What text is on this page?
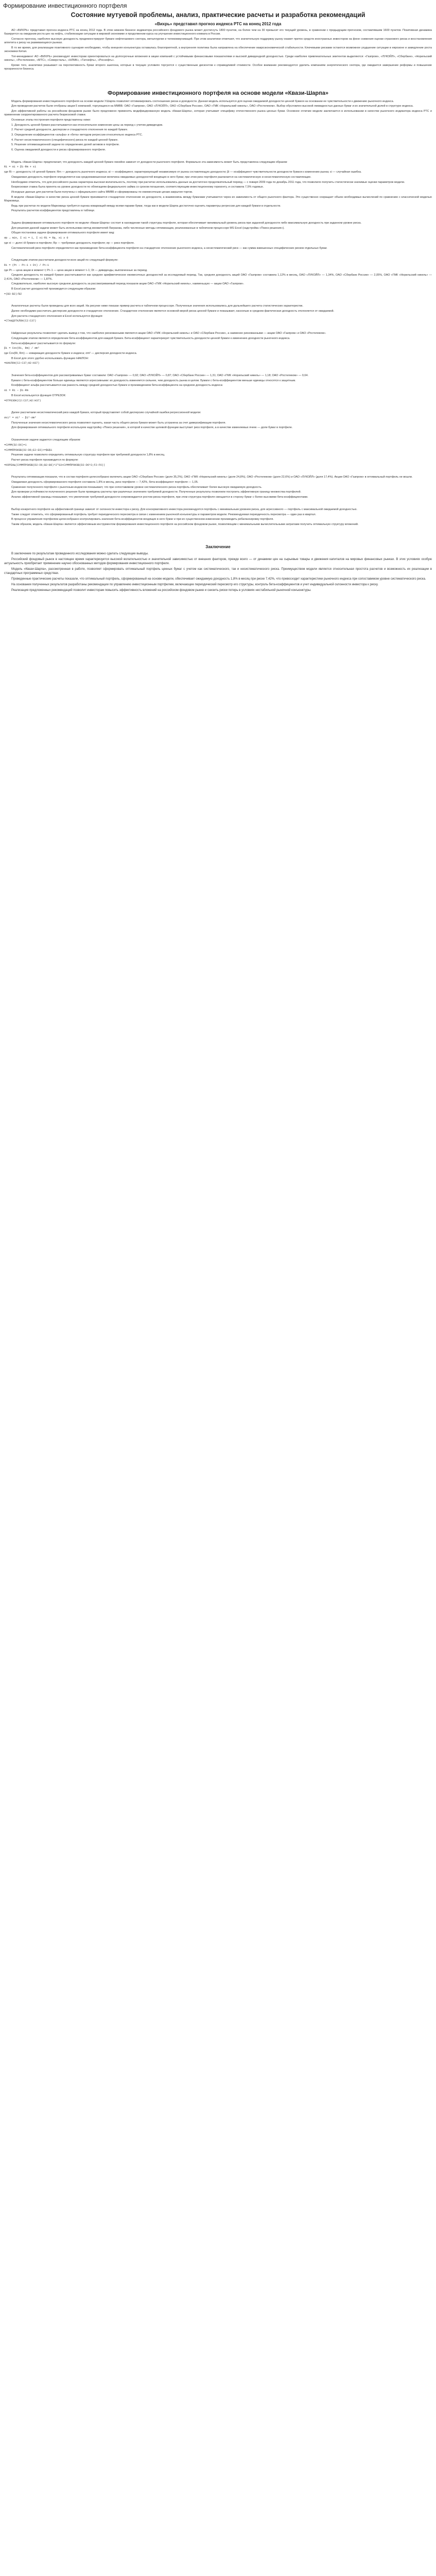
Формирование инвестиционного портфеля
Состояние мутуевой проблемы, анализ, практические расчеты и разработка рекомендаций
«Вихрь» представил прогноз индекса РТС на конец 2012 года
АО «ВИХРЬ» представил прогноз индекса РТС на конец 2012 года. В этом нижнем бизнесе индикатора российского фондового рынка может достигнуть 1800 пунктов, на более чем на 30 превысит его текущий уровень, в сравнении с предыдущим прогнозом, составлявшим 1600 пунктов. Позитивная динамика базируется на ожидании роста цен на нефть, стабилизации ситуации в мировой экономике и продолжении курса на улучшение инвестиционного климата в России.
Согласно прогнозу, наиболее высокую доходность продемонстрируют бумаги нефтегазового сектора, металлургии и телекоммуникаций. При этом аналитики отмечают, что значительную поддержку рынку окажет приток средств иностранных инвесторов на фоне снижения оценки странового риска и восстановления аппетита к риску на развивающихся рынках.
В то же время, для реализации позитивного сценария необходимо, чтобы внешняя конъюнктура оставалась благоприятной, а внутренняя политика была направлена на обеспечение макроэкономической стабильности. Ключевыми рисками остаются возможное ухудшение ситуации в еврозоне и замедление роста экономики Китая.
Топ-менеджмент АО «ВИХРЬ» рекомендует инвесторам ориентироваться на долгосрочные вложения в акции компаний с устойчивыми финансовыми показателями и высокой дивидендной доходностью. Среди наиболее привлекательных эмитентов выделяются: «Газпром», «ЛУКОЙЛ», «Сбербанк», «Норильский никель», «Ростелеком», «МТС», «Северсталь», «НЛМК», «Татнефть», «Роснефть».
Кроме того, аналитики указывают на перспективность бумаг второго эшелона, которые в текущих условиях торгуются с существенным дисконтом к справедливой стоимости. Особое внимание рекомендуется уделить компаниям энергетического сектора, где ожидается завершение реформы и повышение прозрачности бизнеса.
Формирование инвестиционного портфеля на основе модели «Квази-Шарпа»
Модель формирования инвестиционного портфеля на основе модели У.Шарпа позволяет оптимизировать соотношение риска и доходности. Данная модель используется для оценки ожидаемой доходности ценной бумаги на основании ее чувствительности к движению рыночного индекса.
Для проведения расчетов были отобраны акции 5 компаний, торгующихся на ММВБ: ОАО «Газпром», ОАО «ЛУКОЙЛ», ОАО «Сбербанк России», ОАО «ГМК «Норильский никель», ОАО «Ростелеком». Выбор обусловлен высокой ликвидностью данных бумаг и их значительной долей в структуре индекса.
Для эффективной работы на российском фондовом рынке было предложено применять модифицированную модель «Квази-Шарпа», которая учитывает специфику отечественного рынка ценных бумаг. Основное отличие модели заключается в использовании в качестве рыночного индикатора индекса РТС и применении скорректированного расчета безрисковой ставки.
Основные этапы построения портфеля представлены ниже:
1. Доходность ценной бумаги рассчитывается как относительное изменение цены за период с учетом дивидендов.
2. Расчет средней доходности, дисперсии и стандартного отклонения по каждой бумаге.
3. Определение коэффициентов «альфа» и «бета» методом регрессии относительно индекса РТС.
4. Расчет несистематического (специфического) риска по каждой ценной бумаге.
5. Решение оптимизационной задачи по определению долей активов в портфеле.
6. Оценка ожидаемой доходности и риска сформированного портфеля.
Модель «Квази-Шарпа» предполагает, что доходность каждой ценной бумаги линейно зависит от доходности рыночного портфеля. Формально эта зависимость может быть представлена следующим образом:
Ri = αi + βi·Rm + εi
где Ri — доходность i-й ценной бумаги; Rm — доходность рыночного индекса; αi — коэффициент, характеризующий независимую от рынка составляющую доходности; βi — коэффициент чувствительности доходности бумаги к изменению рынка; εi — случайная ошибка.
Ожидаемая доходность портфеля определяется как средневзвешенная величина ожидаемых доходностей входящих в него бумаг, при этом риск портфеля разлагается на систематическую и несистематическую составляющие.
Необходимо отметить, что для российского рынка характерна высокая волатильность, поэтому при расчетах использовались данные за достаточно продолжительный период — с января 2009 года по декабрь 2011 года, что позволило получить статистически значимые оценки параметров модели.
Безрисковая ставка была принята на уровне доходности по облигациям федерального займа со сроком погашения, соответствующим инвестиционному горизонту, и составила 7,5% годовых.
Исходные данные для расчетов были получены с официального сайта ММВБ и сформированы по ежемесячным ценам закрытия торгов.
В модели «Квази-Шарпа» в качестве риска ценной бумаги принимается стандартное отклонение ее доходности, а взаимосвязь между бумагами учитывается через их зависимость от общего рыночного фактора. Это существенно сокращает объем необходимых вычислений по сравнению с классической моделью Марковица.
Ведь при расчетах по модели Марковица требуется оценка ковариаций между всеми парами бумаг, тогда как в модели Шарпа достаточно оценить параметры регрессии для каждой бумаги в отдельности.
Результаты расчетов коэффициентов представлены в таблице.
Задача формирования оптимального портфеля по модели «Квази-Шарпа» состоит в нахождении такой структуры портфеля, которая обеспечивает минимальный уровень риска при заданной доходности либо максимальную доходность при заданном уровне риска.
Для решения данной задачи может быть использован метод множителей Лагранжа, либо численные методы оптимизации, реализованные в табличном процессоре MS Excel (надстройка «Поиск решения»).
Общая постановка задачи формирования оптимального портфеля имеет вид:
σp → min, Σ xi = 1, Σ xi·Ri = Rp, xi ≥ 0
где xi — доля i-й бумаги в портфеле; Rp — требуемая доходность портфеля; σp — риск портфеля.
Систематический риск портфеля определяется как произведение бета-коэффициента портфеля на стандартное отклонение рыночного индекса, а несистематический риск — как сумма взвешенных специфических рисков отдельных бумаг.
Следующим этапом рассчитаем доходности всех акций по следующей формуле:
Ri = (Pt − Pt−1 + Dt) / Pt−1
где Pt — цена акции в момент t; Pt−1 — цена акции в момент t−1; Dt — дивиденды, выплаченные за период.
Средняя доходность по каждой бумаге рассчитывается как среднее арифметическое ежемесячных доходностей за исследуемый период. Так, средняя доходность акций ОАО «Газпром» составила 1,12% в месяц, ОАО «ЛУКОЙЛ» — 1,34%, ОАО «Сбербанк России» — 2,05%, ОАО «ГМК «Норильский никель» — 2,41%, ОАО «Ростелеком» — 1,87%.
Следовательно, наиболее высокую среднюю доходность за рассматриваемый период показали акции ОАО «ГМК «Норильский никель», наименьшую — акции ОАО «Газпром».
В Excel расчет доходностей производится следующим образом:
=(B3-B2)/B2
Аналогичные расчеты были проведены для всех акций. На рисунке ниже показан пример расчета в табличном процессоре. Полученные значения использовались для дальнейшего расчета статистических характеристик.
Далее необходимо рассчитать дисперсию доходности и стандартное отклонение. Стандартное отклонение является основной мерой риска ценной бумаги и показывает, насколько в среднем фактическая доходность отклоняется от ожидаемой.
Для расчета стандартного отклонения в Excel используется функция:
=СТАНДОТКЛОН(C2:C37)
Найденные результаты позволяют сделать вывод о том, что наиболее рискованными являются акции ОАО «ГМК «Норильский никель» и ОАО «Сбербанк России», а наименее рискованными — акции ОАО «Газпром» и ОАО «Ростелеком».
Следующим этапом является определение бета-коэффициентов для каждой бумаги. Бета-коэффициент характеризует чувствительность доходности ценной бумаги к изменению доходности рыночного индекса.
Бета-коэффициент рассчитывается по формуле:
βi = Cov(Ri, Rm) / σm²
где Cov(Ri, Rm) — ковариация доходности бумаги и индекса; σm² — дисперсия доходности индекса.
В Excel для этого удобно использовать функцию НАКЛОН:
=НАКЛОН(C2:C37;H2:H37)
Значения бета-коэффициентов для рассматриваемых бумаг составили: ОАО «Газпром» — 0,92; ОАО «ЛУКОЙЛ» — 0,87; ОАО «Сбербанк России» — 1,31; ОАО «ГМК «Норильский никель» — 1,18; ОАО «Ростелеком» — 0,64.
Бумаги с бета-коэффициентом больше единицы являются агрессивными: их доходность изменяется сильнее, чем доходность рынка в целом. Бумаги с бета-коэффициентом меньше единицы относятся к защитным.
Коэффициент альфа рассчитывается как разность между средней доходностью бумаги и произведением бета-коэффициента на среднюю доходность индекса:
αi = Ri − βi·Rm
В Excel используется функция ОТРЕЗОК:
=ОТРЕЗОК(C2:C37;H2:H37)
Далее рассчитаем несистематический риск каждой бумаги, который представляет собой дисперсию случайной ошибки регрессионной модели:
σεi² = σi² − βi²·σm²
Полученные значения несистематического риска позволяют оценить, какая часть общего риска бумаги может быть устранена за счет диверсификации портфеля.
Для формирования оптимального портфеля используем надстройку «Поиск решения», в которой в качестве целевой функции выступает риск портфеля, а в качестве изменяемых ячеек — доли бумаг в портфеле.
Ограничения задачи задаются следующим образом:
=СУММ(D2:D6)=1
=СУММПРОИЗВ(D2:D6;E2:E6)>=$G$1
Решение задачи позволило определить оптимальную структуру портфеля при требуемой доходности 1,8% в месяц.
Расчет риска портфеля производится по формуле:
=КОРЕНЬ(СУММПРОИЗВ(D2:D6;B2:B6)^2*G3+СУММПРОИЗВ(D2:D6^2;F2:F6))
Результаты оптимизации показали, что в состав портфеля целесообразно включить акции ОАО «Сбербанк России» (доля 35,2%), ОАО «ГМК «Норильский никель» (доля 24,8%), ОАО «Ростелеком» (доля 22,6%) и ОАО «ЛУКОЙЛ» (доля 17,4%). Акции ОАО «Газпром» в оптимальный портфель не вошли.
Ожидаемая доходность сформированного портфеля составила 1,8% в месяц, риск портфеля — 7,42%, бета-коэффициент портфеля — 1,05.
Сравнение полученного портфеля с рыночным индексом показывает, что при сопоставимом уровне систематического риска портфель обеспечивает более высокую ожидаемую доходность.
Для проверки устойчивости полученного решения были проведены расчеты при различных значениях требуемой доходности. Полученные результаты позволили построить эффективную границу множества портфелей.
Анализ эффективной границы показывает, что увеличение требуемой доходности сопровождается ростом риска портфеля, при этом структура портфеля смещается в сторону бумаг с более высокими бета-коэффициентами.
Выбор конкретного портфеля на эффективной границе зависит от склонности инвестора к риску. Для консервативного инвестора рекомендуется портфель с минимальным уровнем риска, для агрессивного — портфель с максимальной ожидаемой доходностью.
Также следует отметить, что сформированный портфель требует периодического пересмотра в связи с изменением рыночной конъюнктуры и параметров модели. Рекомендуемая периодичность пересмотра — один раз в квартал.
В процессе управления портфелем целесообразно контролировать значения бета-коэффициентов входящих в него бумаг и при их существенном изменении производить ребалансировку портфеля.
Таким образом, модель «Квази-Шарпа» является эффективным инструментом формирования инвестиционного портфеля на российском фондовом рынке, позволяющим с минимальными вычислительными затратами получить оптимальную структуру вложений.
Заключение
В заключение по результатам проведенного исследования можно сделать следующие выводы.
Российский фондовый рынок в настоящее время характеризуется высокой волатильностью и значительной зависимостью от внешних факторов, прежде всего — от динамики цен на сырьевые товары и движения капиталов на мировых финансовых рынках. В этих условиях особую актуальность приобретает применение научно обоснованных методов формирования инвестиционного портфеля.
Модель «Квази-Шарпа», рассмотренная в работе, позволяет сформировать оптимальный портфель ценных бумаг с учетом как систематического, так и несистематического риска. Преимуществом модели является относительная простота расчетов и возможность их реализации в стандартных программных средствах.
Проведенные практические расчеты показали, что оптимальный портфель, сформированный на основе модели, обеспечивает ожидаемую доходность 1,8% в месяц при риске 7,42%, что превосходит характеристики рыночного индекса при сопоставимом уровне систематического риска.
На основании полученных результатов разработаны рекомендации по управлению инвестиционным портфелем, включающие периодический пересмотр его структуры, контроль бета-коэффициентов и учет индивидуальной склонности инвестора к риску.
Реализация предложенных рекомендаций позволит инвесторам повысить эффективность вложений на российском фондовом рынке и снизить риски потерь в условиях нестабильной рыночной конъюнктуры.
